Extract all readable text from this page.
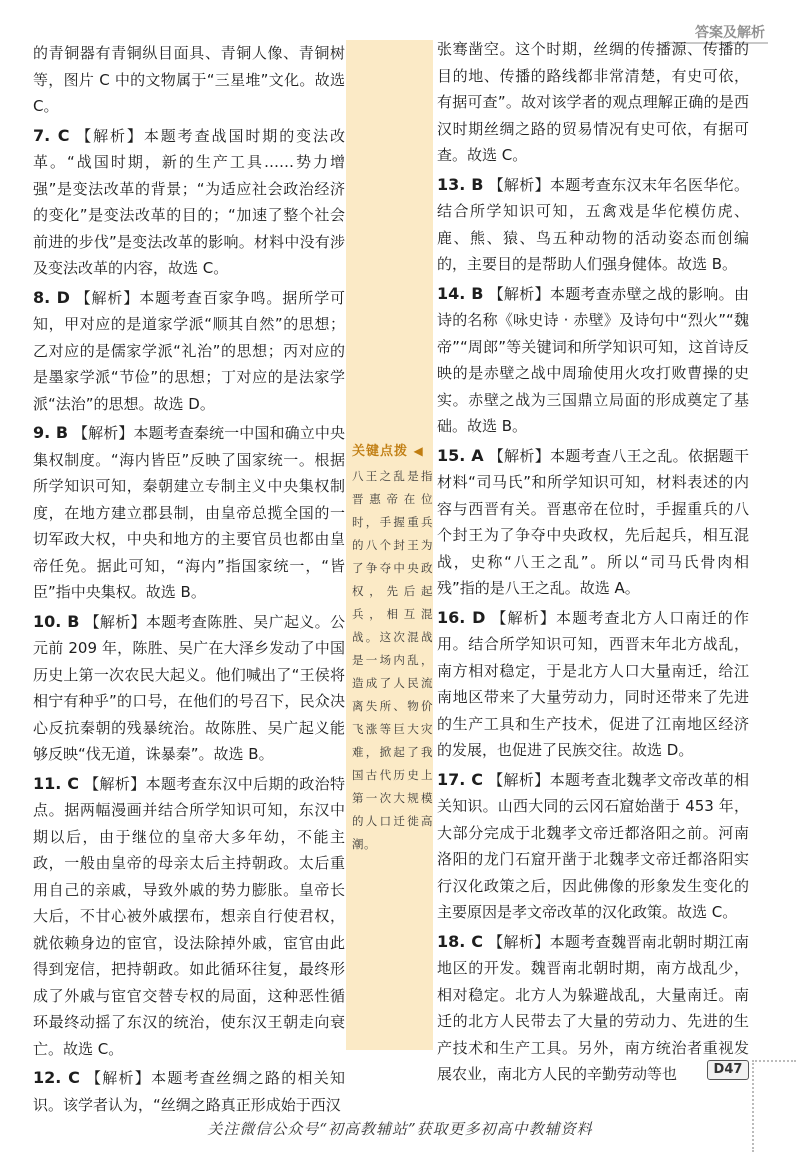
答案及解析

的青铜器有青铜纵目面具、青铜人像、青铜树等，图片 C 中的文物属于“三星堆”文化。故选 C。

7. C 【解析】本题考查战国时期的变法改革。“战国时期，新的生产工具……势力增强”是变法改革的背景；“为适应社会政治经济的变化”是变法改革的目的；“加速了整个社会前进的步伐”是变法改革的影响。材料中没有涉及变法改革的内容，故选 C。

8. D 【解析】本题考查百家争鸣。据所学可知，甲对应的是道家学派“顺其自然”的思想；乙对应的是儒家学派“礼治”的思想；丙对应的是墨家学派“节俭”的思想；丁对应的是法家学派“法治”的思想。故选 D。

9. B 【解析】本题考查秦统一中国和确立中央集权制度。“海内皆臣”反映了国家统一。根据所学知识可知，秦朝建立专制主义中央集权制度，在地方建立郡县制，由皇帝总揽全国的一切军政大权，中央和地方的主要官员也都由皇帝任免。据此可知，“海内”指国家统一，“皆臣”指中央集权。故选 B。

10. B 【解析】本题考查陈胜、吴广起义。公元前 209 年，陈胜、吴广在大泽乡发动了中国历史上第一次农民大起义。他们喊出了“王侯将相宁有种乎”的口号，在他们的号召下，民众决心反抗秦朝的残暴统治。故陈胜、吴广起义能够反映“伐无道，诛暴秦”。故选 B。

11. C 【解析】本题考查东汉中后期的政治特点。据两幅漫画并结合所学知识可知，东汉中期以后，由于继位的皇帝大多年幼，不能主政，一般由皇帝的母亲太后主持朝政。太后重用自己的亲戚，导致外戚的势力膨胀。皇帝长大后，不甘心被外戚摆布，想亲自行使君权，就依赖身边的宦官，设法除掉外戚，宦官由此得到宠信，把持朝政。如此循环往复，最终形成了外戚与宦官交替专权的局面，这种恶性循环最终动摇了东汉的统治，使东汉王朝走向衰亡。故选 C。

12. C 【解析】本题考查丝绸之路的相关知识。该学者认为，“丝绸之路真正形成始于西汉

关键点拨 ◀
八王之乱是指晋惠帝在位时，手握重兵的八个封王为了争夺中央政权，先后起兵，相互混战。这次混战是一场内乱，造成了人民流离失所、物价飞涨等巨大灾难，掀起了我国古代历史上第一次大规模的人口迁徙高潮。

张骞凿空。这个时期，丝绸的传播源、传播的目的地、传播的路线都非常清楚，有史可依，有据可查”。故对该学者的观点理解正确的是西汉时期丝绸之路的贸易情况有史可依，有据可查。故选 C。

13. B 【解析】本题考查东汉末年名医华佗。结合所学知识可知，五禽戏是华佗模仿虎、鹿、熊、猿、鸟五种动物的活动姿态而创编的，主要目的是帮助人们强身健体。故选 B。

14. B 【解析】本题考查赤壁之战的影响。由诗的名称《咏史诗 · 赤壁》及诗句中“烈火”“魏帝”“周郎”等关键词和所学知识可知，这首诗反映的是赤壁之战中周瑜使用火攻打败曹操的史实。赤壁之战为三国鼎立局面的形成奠定了基础。故选 B。

15. A 【解析】本题考查八王之乱。依据题干材料“司马氏”和所学知识可知，材料表述的内容与西晋有关。晋惠帝在位时，手握重兵的八个封王为了争夺中央政权，先后起兵，相互混战，史称“八王之乱”。所以“司马氏骨肉相残”指的是八王之乱。故选 A。

16. D 【解析】本题考查北方人口南迁的作用。结合所学知识可知，西晋末年北方战乱，南方相对稳定，于是北方人口大量南迁，给江南地区带来了大量劳动力，同时还带来了先进的生产工具和生产技术，促进了江南地区经济的发展，也促进了民族交往。故选 D。

17. C 【解析】本题考查北魏孝文帝改革的相关知识。山西大同的云冈石窟始凿于 453 年，大部分完成于北魏孝文帝迁都洛阳之前。河南洛阳的龙门石窟开凿于北魏孝文帝迁都洛阳实行汉化政策之后，因此佛像的形象发生变化的主要原因是孝文帝改革的汉化政策。故选 C。

18. C 【解析】本题考查魏晋南北朝时期江南地区的开发。魏晋南北朝时期，南方战乱少，相对稳定。北方人为躲避战乱，大量南迁。南迁的北方人民带去了大量的劳动力、先进的生产技术和生产工具。另外，南方统治者重视发展农业，南北方人民的辛勤劳动等也	D47
关注微信公众号“初高教辅站”获取更多初高中教辅资料
